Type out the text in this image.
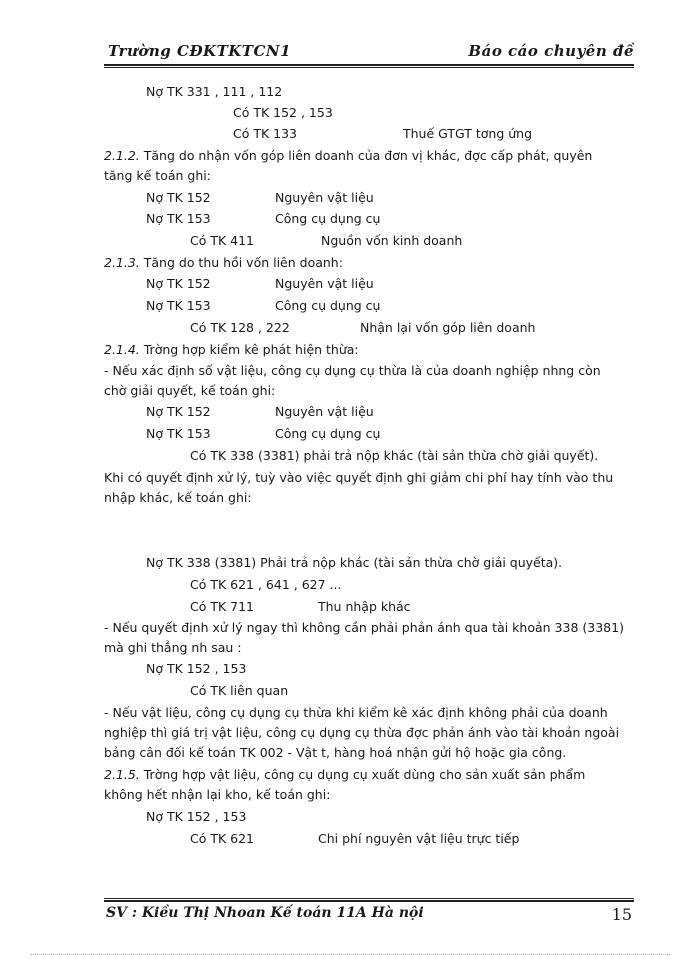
Trường CĐKTKTCN1	Báo cáo chuyên đề
Nợ TK 331 , 111 , 112
Có TK 152 , 153
Có TK 133	Thuế GTGT tơng ứng
2.1.2. Tăng do nhận vốn góp liên doanh của đơn vị khác, đợc cấp phát, quyên
tăng kế toán ghi:
Nợ TK 152	Nguyên vật liệu
Nợ TK 153	Công cụ dụng cụ
Có TK 411	Nguồn vốn kinh doanh
2.1.3. Tăng do thu hồi vốn liên doanh:
Nợ TK 152	Nguyên vật liệu
Nợ TK 153	Công cụ dụng cụ
Có TK 128 , 222	Nhận lại vốn góp liên doanh
2.1.4. Trờng hợp kiểm kê phát hiện thừa:
- Nếu xác định số vật liệu, công cụ dụng cụ thừa là của doanh nghiệp nhng còn
chờ giải quyết, kế toán ghi:
Nợ TK 152	Nguyên vật liệu
Nợ TK 153	Công cụ dụng cụ
Có TK 338 (3381) phải trả nộp khác (tài sản thừa chờ giải quyết).
Khi có quyết định xử lý, tuỳ vào việc quyết định ghi giảm chi phí hay tính vào thu
nhập khác, kế toán ghi:
Nợ TK 338 (3381) Phải trả nộp khác (tài sản thừa chờ giải quyếta).
Có TK 621 , 641 , 627 ...
Có TK 711	Thu nhập khác
- Nếu quyết định xử lý ngay thì không cần phải phản ánh qua tài khoản 338 (3381)
mà ghi thẳng nh sau :
Nợ TK 152 , 153
Có TK liên quan
- Nếu vật liệu, công cụ dụng cụ thừa khi kiểm kê xác định không phải của doanh
nghiệp thì giá trị vật liệu, công cụ dụng cụ thừa đợc phản ánh vào tài khoản ngoài
bảng cân đối kế toán TK 002 - Vật t, hàng hoá nhận gửi hộ hoặc gia công.
2.1.5. Trờng hợp vật liệu, công cụ dụng cụ xuất dùng cho sản xuất sản phẩm
không hết nhận lại kho, kế toán ghi:
Nợ TK 152 , 153
Có TK 621	Chi phí nguyên vật liệu trực tiếp
SV : Kiều Thị Nhoan Kế toán 11A Hà nội	15
